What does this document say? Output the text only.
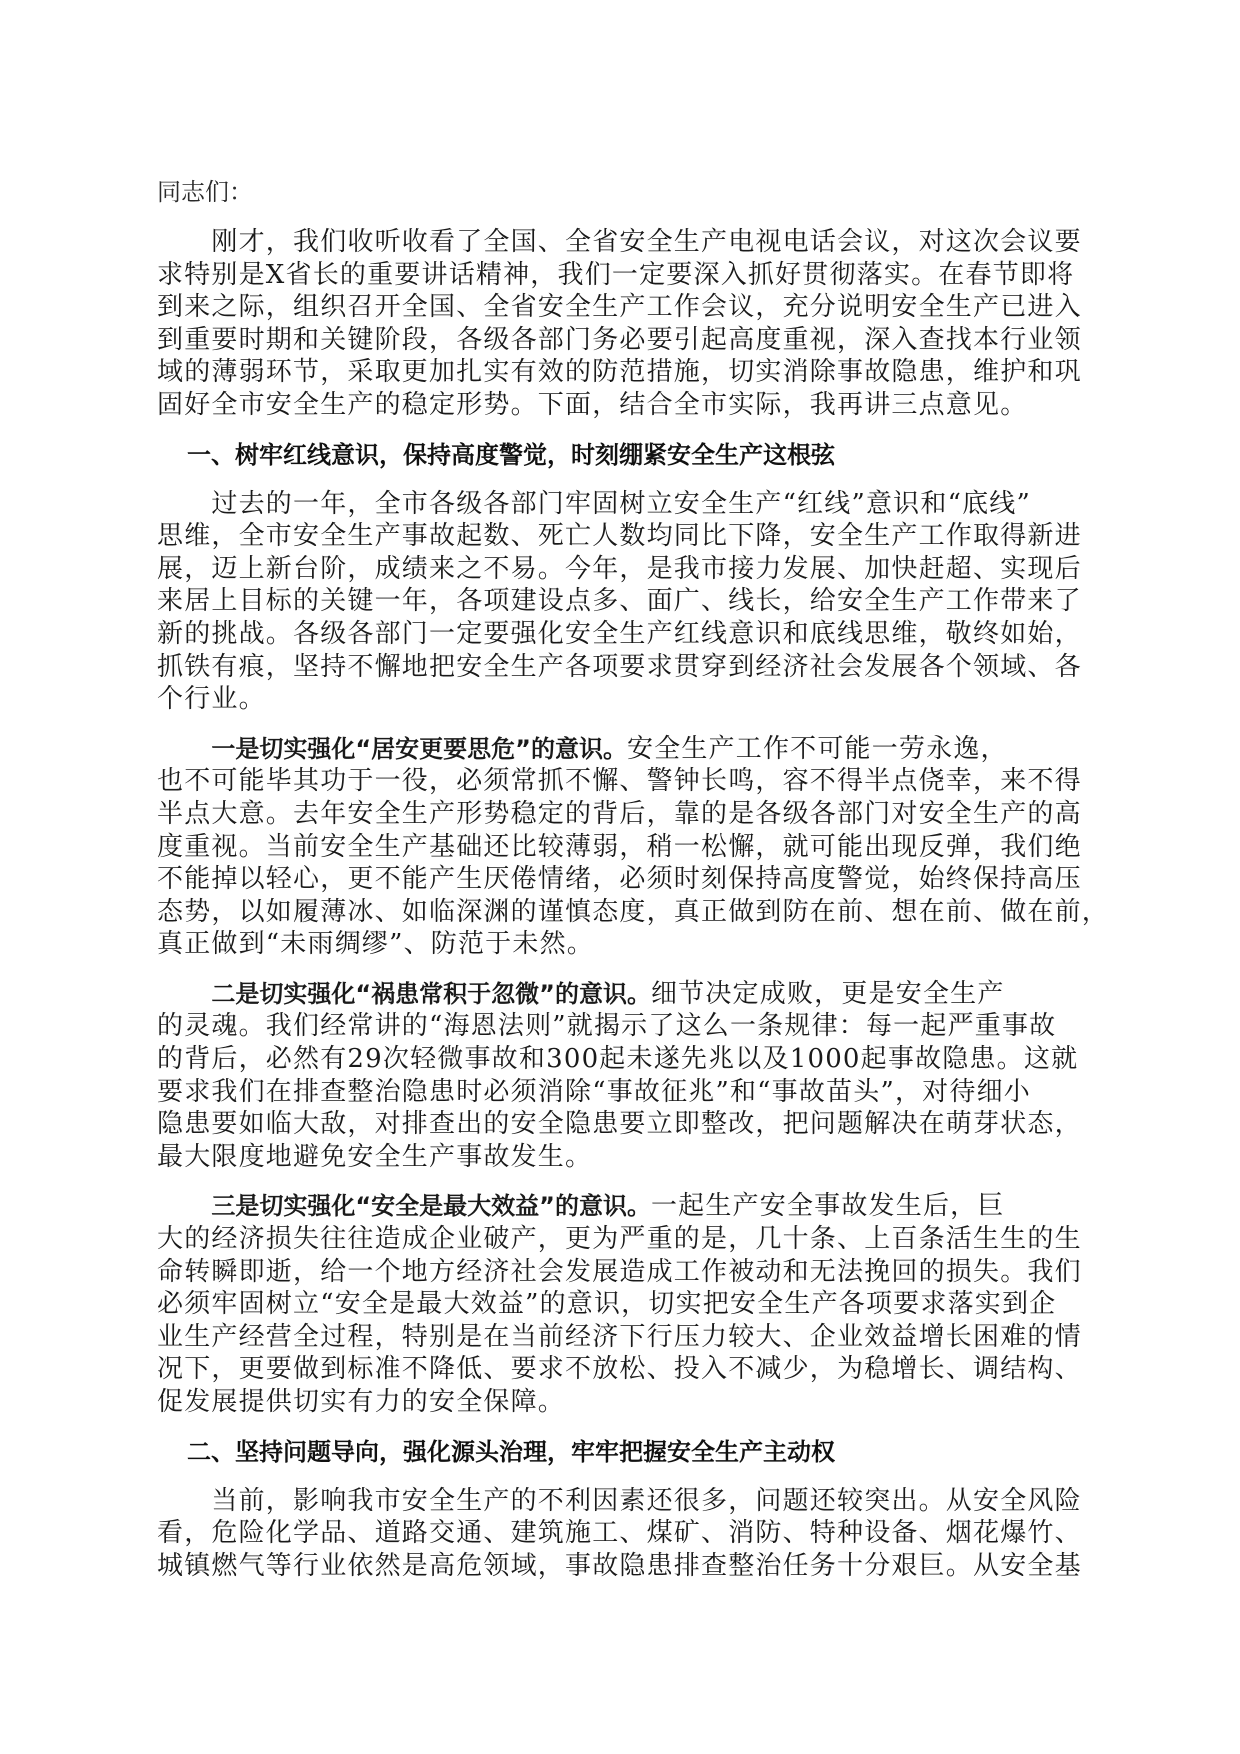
同志们：

　　刚才，我们收听收看了全国、全省安全生产电视电话会议，对这次会议要
求特别是X省长的重要讲话精神，我们一定要深入抓好贯彻落实。在春节即将
到来之际，组织召开全国、全省安全生产工作会议，充分说明安全生产已进入
到重要时期和关键阶段，各级各部门务必要引起高度重视，深入查找本行业领
域的薄弱环节，采取更加扎实有效的防范措施，切实消除事故隐患，维护和巩
固好全市安全生产的稳定形势。下面，结合全市实际，我再讲三点意见。
一、树牢红线意识，保持高度警觉，时刻绷紧安全生产这根弦
　　过去的一年，全市各级各部门牢固树立安全生产“红线”意识和“底线”
思维，全市安全生产事故起数、死亡人数均同比下降，安全生产工作取得新进
展，迈上新台阶，成绩来之不易。今年，是我市接力发展、加快赶超、实现后
来居上目标的关键一年，各项建设点多、面广、线长，给安全生产工作带来了
新的挑战。各级各部门一定要强化安全生产红线意识和底线思维，敬终如始，
抓铁有痕，坚持不懈地把安全生产各项要求贯穿到经济社会发展各个领域、各
个行业。
　　一是切实强化“居安更要思危”的意识。安全生产工作不可能一劳永逸，
也不可能毕其功于一役，必须常抓不懈、警钟长鸣，容不得半点侥幸，来不得
半点大意。去年安全生产形势稳定的背后，靠的是各级各部门对安全生产的高
度重视。当前安全生产基础还比较薄弱，稍一松懈，就可能出现反弹，我们绝
不能掉以轻心，更不能产生厌倦情绪，必须时刻保持高度警觉，始终保持高压
态势，以如履薄冰、如临深渊的谨慎态度，真正做到防在前、想在前、做在前，
真正做到“未雨绸缪”、防范于未然。
　　二是切实强化“祸患常积于忽微”的意识。细节决定成败，更是安全生产
的灵魂。我们经常讲的“海恩法则”就揭示了这么一条规律：每一起严重事故
的背后，必然有29次轻微事故和300起未遂先兆以及1000起事故隐患。这就
要求我们在排查整治隐患时必须消除“事故征兆”和“事故苗头”，对待细小
隐患要如临大敌，对排查出的安全隐患要立即整改，把问题解决在萌芽状态，
最大限度地避免安全生产事故发生。
　　三是切实强化“安全是最大效益”的意识。一起生产安全事故发生后，巨
大的经济损失往往造成企业破产，更为严重的是，几十条、上百条活生生的生
命转瞬即逝，给一个地方经济社会发展造成工作被动和无法挽回的损失。我们
必须牢固树立“安全是最大效益”的意识，切实把安全生产各项要求落实到企
业生产经营全过程，特别是在当前经济下行压力较大、企业效益增长困难的情
况下，更要做到标准不降低、要求不放松、投入不减少，为稳增长、调结构、
促发展提供切实有力的安全保障。
二、坚持问题导向，强化源头治理，牢牢把握安全生产主动权
　　当前，影响我市安全生产的不利因素还很多，问题还较突出。从安全风险
看，危险化学品、道路交通、建筑施工、煤矿、消防、特种设备、烟花爆竹、
城镇燃气等行业依然是高危领域，事故隐患排查整治任务十分艰巨。从安全基
